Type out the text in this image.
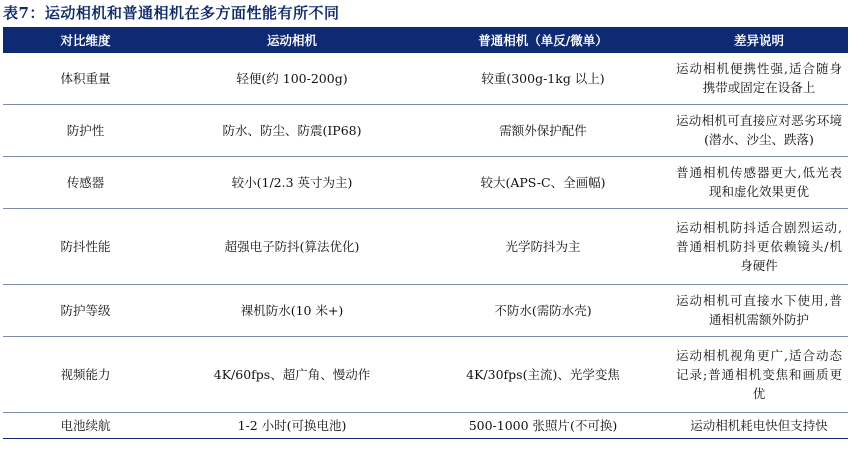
表7：运动相机和普通相机在多方面性能有所不同
对比维度	运动相机	普通相机（单反/微单）	差异说明
体积重量	轻便(约 100-200g)	较重(300g-1kg 以上)	运动相机便携性强,适合随身携带或固定在设备上
防护性	防水、防尘、防震(IP68)	需额外保护配件	运动相机可直接应对恶劣环境(潜水、沙尘、跌落)
传感器	较小(1/2.3 英寸为主)	较大(APS-C、全画幅)	普通相机传感器更大,低光表现和虚化效果更优
防抖性能	超强电子防抖(算法优化)	光学防抖为主	运动相机防抖适合剧烈运动,普通相机防抖更依赖镜头/机身硬件
防护等级	裸机防水(10 米+)	不防水(需防水壳)	运动相机可直接水下使用,普通相机需额外防护
视频能力	4K/60fps、超广角、慢动作	4K/30fps(主流)、光学变焦	运动相机视角更广,适合动态记录;普通相机变焦和画质更优
电池续航	1-2 小时(可换电池)	500-1000 张照片(不可换)	运动相机耗电快但支持快
